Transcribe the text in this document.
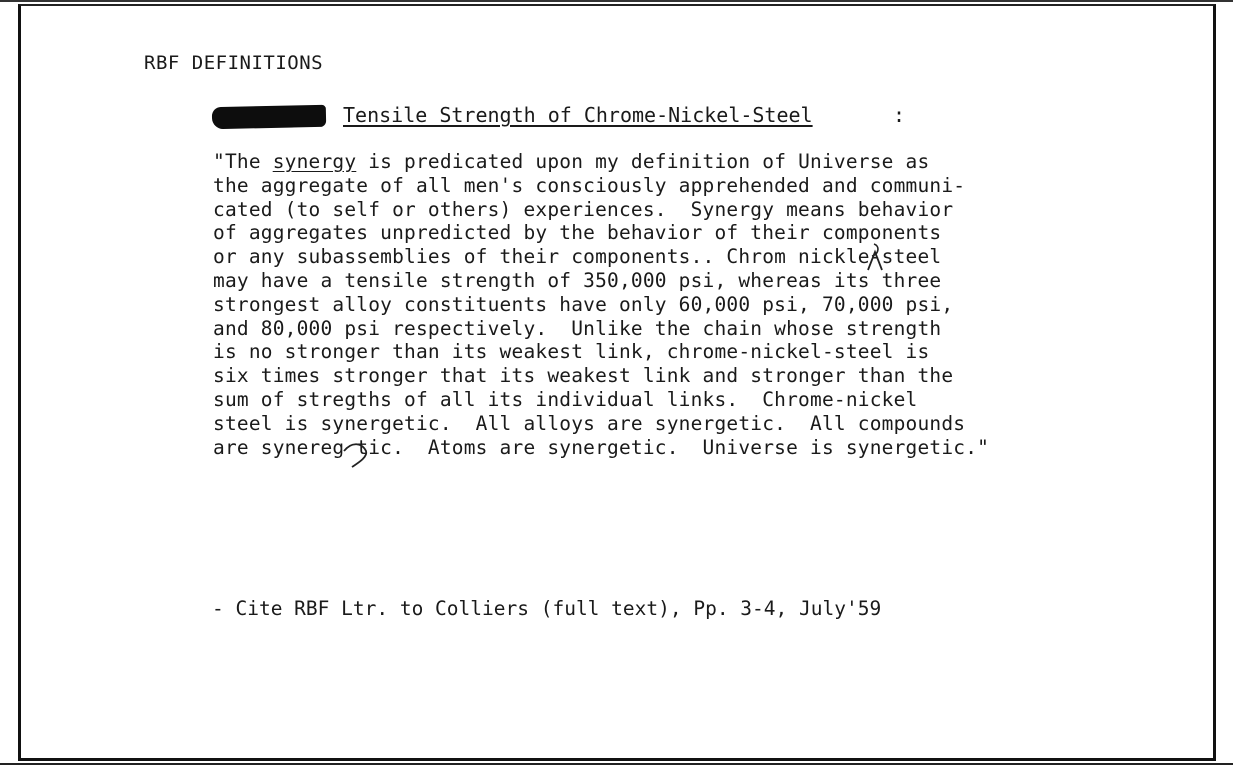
RBF DEFINITIONS
Tensile Strength of Chrome-Nickel-Steel	:
"The synergy is predicated upon my definition of Universe as
the aggregate of all men's consciously apprehended and communi-
cated (to self or others) experiences.  Synergy means behavior
of aggregates unpredicted by the behavior of their components
or any subassemblies of their components.. Chrom nickle-steel
may have a tensile strength of 350,000 psi, whereas its three
strongest alloy constituents have only 60,000 psi, 70,000 psi,
and 80,000 psi respectively.  Unlike the chain whose strength
is no stronger than its weakest link, chrome-nickel-steel is
six times stronger that its weakest link and stronger than the
sum of stregths of all its individual links.  Chrome-nickel
steel is synergetic.  All alloys are synergetic.  All compounds
are synereg tic.  Atoms are synergetic.  Universe is synergetic."

- Cite RBF Ltr. to Colliers (full text), Pp. 3-4, July'59
